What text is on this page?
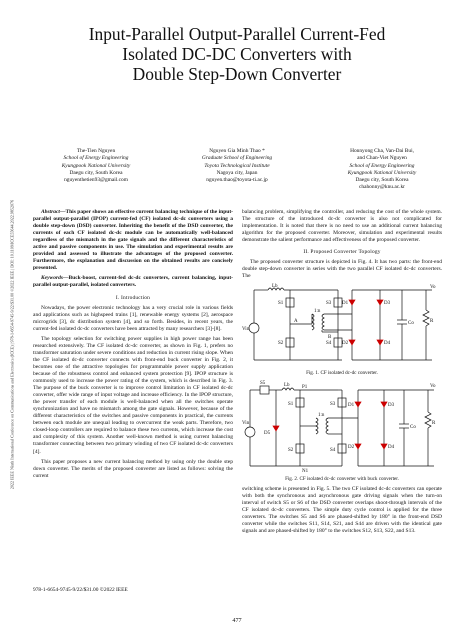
2022 IEEE Ninth International Conference on Communications and Electronics (ICCE) | 978-1-6654-9745-9/22/$31.00 ©2022 IEEE | DOI: 10.1109/ICCE55644.2022.9852076
Input-Parallel Output-Parallel Current-Fed
Isolated DC-DC Converters with
Double Step-Down Converter
The-Tien Nguyen
School of Energy Engineering
Kyungpook National University
Daegu city, South Korea
nguyenthetien93@gmail.com
Nguyen Gia Minh Thao *
Graduate School of Engineering
Toyota Technological Institute
Nagoya city, Japan
nguyen.thao@toyota-ti.ac.jp
Honnyong Cha, Van-Dai Bui,
and Chan-Viet Nguyen
School of Energy Engineering
Kyungpook National University
Daegu city, South Korea
chahonny@knu.ac.kr

Abstract—This paper shows an effective current balancing technique of the input-parallel output-parallel (IPOP) current-fed (CF) isolated dc-dc converters using a double step-down (DSD) converter. Inheriting the benefit of the DSD converter, the currents of each CF isolated dc-dc module can be automatically well-balanced regardless of the mismatch in the gate signals and the different characteristics of active and passive components in use. The simulation and experimental results are provided and assessed to illustrate the advantages of the proposed converter. Furthermore, the explanation and discussion on the obtained results are concisely presented.

Keywords—Buck-boost, current-fed dc-dc converters, current balancing, input-parallel output-parallel, isolated converters.

I. Introduction

Nowadays, the power electronic technology has a very crucial role in various fields and applications such as highspeed trains [1], renewable energy systems [2], aerospace microgrids [3], dc distribution system [4], and so forth. Besides, in recent years, the current-fed isolated dc-dc converters have been attracted by many researchers [3]-[8].

The topology selection for switching power supplies in high power range has been researched extensively. The CF isolated dc-dc converter, as shown in Fig. 1, prefers no transformer saturation under severe conditions and reduction in current rising slope. When the CF isolated dc-dc converter connects with front-end buck converter in Fig. 2, it becomes one of the attractive topologies for programmable power supply application because of the robustness control and enhanced system protection [9]. IPOP structure is commonly used to increase the power rating of the system, which is described in Fig. 3. The purpose of the buck converter is to improve control limitation in CF isolated dc-dc converter, offer wide range of input voltage and increase efficiency. In the IPOP structure, the power transfer of each module is well-balanced when all the switches operate synchronization and have no mismatch among the gate signals. However, because of the different characteristics of the switches and passive components in practical, the currents between each module are unequal leading to overcurrent the weak parts. Therefore, two closed-loop controllers are required to balance these two currents, which increase the cost and complexity of this system. Another well-known method is using current balancing transformer connecting between two primary winding of two CF isolated dc-dc converters [4].

This paper proposes a new current balancing method by using only the double step down converter. The merits of the proposed converter are listed as follows: solving the current

balancing problem, simplifying the controller, and reducing the cost of the whole system. The structure of the introduced dc-dc converter is also not complicated for implementation. It is noted that there is no need to use an additional current balancing algorithm for the proposed converter. Moreover, simulation and experimental results demonstrate the salient performance and effectiveness of the proposed converter.

II. Proposed Converter Topology

The proposed converter structure is depicted in Fig. 4. It has two parts: the front-end double step-down converter in series with the two parallel CF isolated dc-dc converters. The

Vin
Lb
S1
S2
S3
S4
A
B
1:n
D1
D2
D3
D4
Co	R
Vo
Fig. 1. CF isolated dc-dc converter.
Vin
S5
D5
Lb P1
S1
S2
S3
S4
1:n
N1
D1
D2
D3
D4
Co
R
Vo
Fig. 2. CF isolated dc-dc converter with buck converter.

switching scheme is presented in Fig. 5. The two CF isolated dc-dc converters can operate with both the synchronous and asynchronous gate driving signals when the turn-on interval of switch S5 or S6 of the DSD converter overlaps shoot-through intervals of the CF isolated dc-dc converters. The simple duty cycle control is applied for the three converters. The switches S5 and S6 are phased-shifted by 180° in the front-end DSD converter while the switches S11, S14, S21, and S44 are driven with the identical gate signals and are phased-shifted by 180° to the switches S12, S13, S22, and S13.

978-1-6654-9745-9/22/$31.00 ©2022 IEEE
477
